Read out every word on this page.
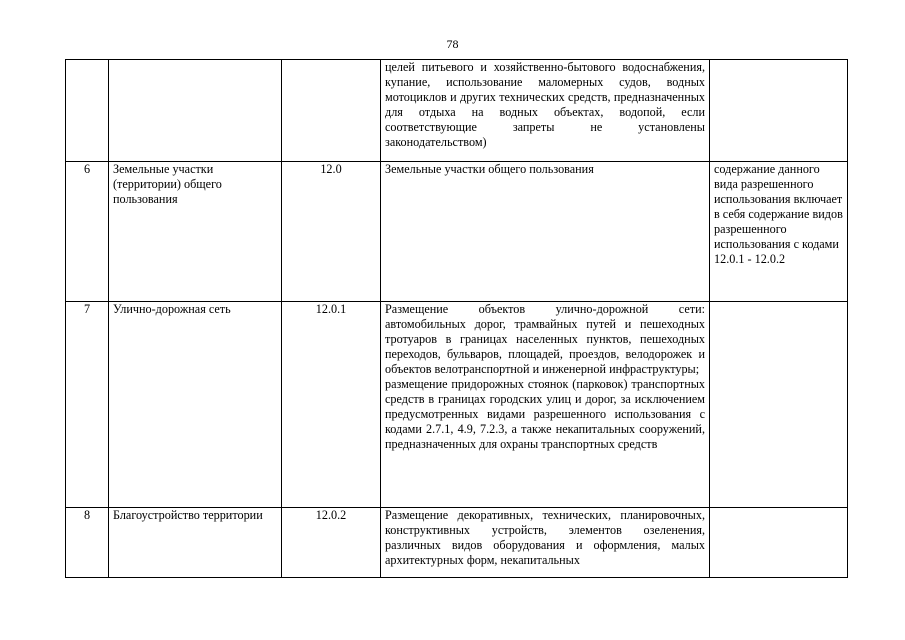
78

			целей питьевого и хозяйственно-бытового водоснабжения, купание, использование маломерных судов, водных мотоциклов и других технических средств, предназначенных для отдыха на водных объектах, водопой, если соответствующие запреты не установлены законодательством)	

6	Земельные участки (территории) общего пользования	12.0	Земельные участки общего пользования	содержание данного вида разрешенного использования включает в себя содержание видов разрешенного использования с кодами 12.0.1 - 12.0.2
7	Улично-дорожная сеть	12.0.1	Размещение объектов улично-дорожной сети: автомобильных дорог, трамвайных путей и пешеходных тротуаров в границах населенных пунктов, пешеходных переходов, бульваров, площадей, проездов, велодорожек и объектов велотранспортной и инженерной инфраструктуры;
размещение придорожных стоянок (парковок) транспортных средств в границах городских улиц и дорог, за исключением предусмотренных видами разрешенного использования с кодами 2.7.1, 4.9, 7.2.3, а также некапитальных сооружений, предназначенных для охраны транспортных средств	

8	Благоустройство территории	12.0.2	Размещение декоративных, технических, планировочных, конструктивных устройств, элементов озеленения, различных видов оборудования и оформления, малых архитектурных форм, некапитальных	
